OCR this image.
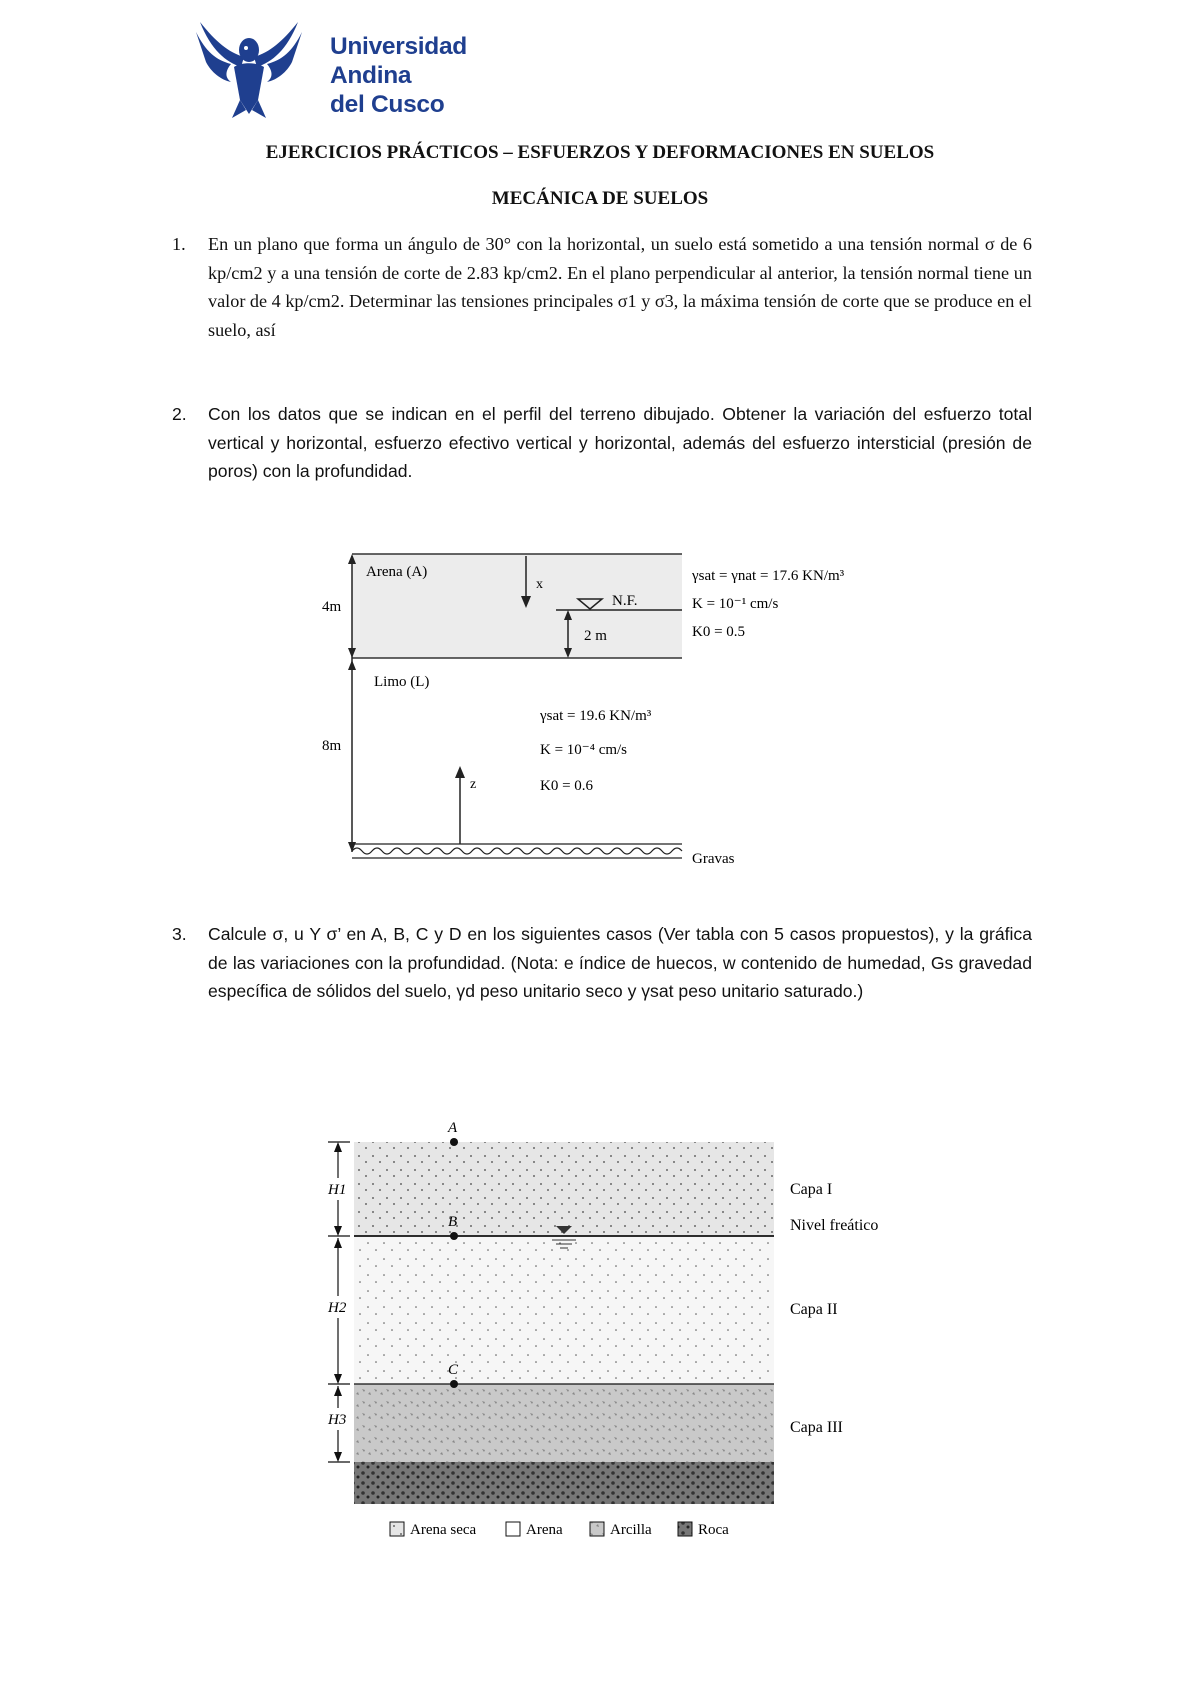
Universidad
Andina
del Cusco
EJERCICIOS PRÁCTICOS – ESFUERZOS Y DEFORMACIONES EN SUELOS
MECÁNICA DE SUELOS
1. En un plano que forma un ángulo de 30° con la horizontal, un suelo está sometido a una tensión normal σ de 6 kp/cm2 y a una tensión de corte de 2.83 kp/cm2. En el plano perpendicular al anterior, la tensión normal tiene un valor de 4 kp/cm2. Determinar las tensiones principales σ1 y σ3, la máxima tensión de corte que se produce en el suelo, así
2. Con los datos que se indican en el perfil del terreno dibujado. Obtener la variación del esfuerzo total vertical y horizontal, esfuerzo efectivo vertical y horizontal, además del esfuerzo intersticial (presión de poros) con la profundidad.
4m
8m
Arena (A)
Limo (L)
x
N.F.
2 m
γsat = γnat = 17.6 KN/m³
K = 10⁻¹ cm/s
K0 = 0.5
γsat = 19.6 KN/m³
K = 10⁻⁴ cm/s
K0 = 0.6
z
Gravas
3. Calcule σ, u Y σ’ en A, B, C y D en los siguientes casos (Ver tabla con 5 casos propuestos), y la gráfica de las variaciones con la profundidad. (Nota: e índice de huecos, w contenido de humedad, Gs gravedad específica de sólidos del suelo, γd peso unitario seco y γsat peso unitario saturado.)
A
B
C
H1
H2
H3
Capa I
Nivel freático
Capa II
Capa III
Arena seca	Arena	Arcilla	Roca
